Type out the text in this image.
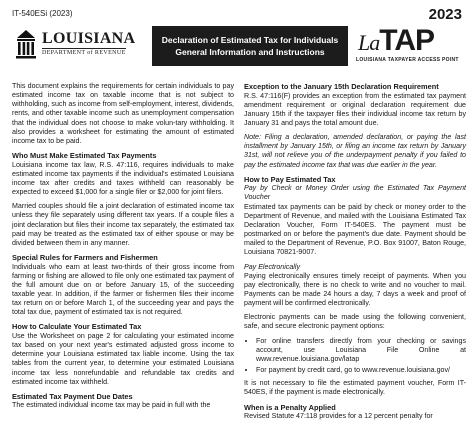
IT-540ESi (2023)	2023
LOUISIANA
DEPARTMENT of REVENUE
Declaration of Estimated Tax for Individuals
General Information and Instructions	LaTAP
LOUISIANA TAXPAYER ACCESS POINT

This document explains the requirements for certain individuals to pay estimated income tax on taxable income that is not subject to withholding, such as income from self-employment, interest, dividends, rents, and other taxable income such as unemployment compensation that the individual does not choose to make volun-tary withholding. It also provides a worksheet for estimating the amount of estimated income tax to be paid.

Who Must Make Estimated Tax Payments

Louisiana income tax law, R.S. 47:116, requires individuals to make estimated income tax payments if the individual's estimated Louisiana income tax after credits and taxes withheld can reasonably be expected to exceed $1,000 for a single filer or $2,000 for joint filers.

Married couples should file a joint declaration of estimated income tax unless they file separately using different tax years. If a couple files a joint declaration but files their income tax separately, the estimated tax paid may be treated as the estimated tax of either spouse or may be divided between them in any manner.

Special Rules for Farmers and Fishermen

Individuals who earn at least two-thirds of their gross income from farming or fishing are allowed to file only one estimated tax payment of the full amount due on or before January 15, of the succeeding taxable year. In addition, if the farmer or fishermen files their income tax return on or before March 1, of the succeeding year and pays the total tax due, payment of estimated tax is not required.

How to Calculate Your Estimated Tax

Use the Worksheet on page 2 for calculating your estimated income tax based on your next year's estimated adjusted gross income to determine your Louisiana estimated tax liable income. Using the tax tables from the current year, to determine your estimated Louisiana income tax less nonrefundable and refundable tax credits and estimated income tax withheld.

Estimated Tax Payment Due Dates

The estimated individual income tax may be paid in full with the

Exception to the January 15th Declaration Requirement

R.S. 47:116(F) provides an exception from the estimated tax payment amendment requirement or original declaration requirement due January 15th if the taxpayer files their individual income tax return by January 31 and pays the total amount due.

Note: Filing a declaration, amended declaration, or paying the last installment by January 15th, or filing an income tax return by January 31st, will not relieve you of the underpayment penalty if you failed to pay the estimated income tax that was due earlier in the year.

How to Pay Estimated Tax

Pay by Check or Money Order using the Estimated Tax Payment Voucher

Estimated tax payments can be paid by check or money order to the Department of Revenue, and mailed with the Louisiana Estimated Tax Declaration Voucher, Form IT-540ES. The payment must be postmarked on or before the payment's due date. Payment should be mailed to the Department of Revenue, P.O. Box 91007, Baton Rouge, Louisiana 70821-9007.

Pay Electronically

Paying electronically ensures timely receipt of payments. When you pay electronically, there is no check to write and no voucher to mail. Payments can be made 24 hours a day, 7 days a week and proof of payment will be confirmed electronically.

Electronic payments can be made using the following convenient, safe, and secure electronic payment options:

• For online transfers directly from your checking or savings account, use Louisiana File Online at www.revenue.louisiana.gov/latap
• For payment by credit card, go to www.revenue.louisiana.gov/

It is not necessary to file the estimated payment voucher, Form IT-540ES, if the payment is made electronically.

When is a Penalty Applied

Revised Statute 47:118 provides for a 12 percent penalty for
